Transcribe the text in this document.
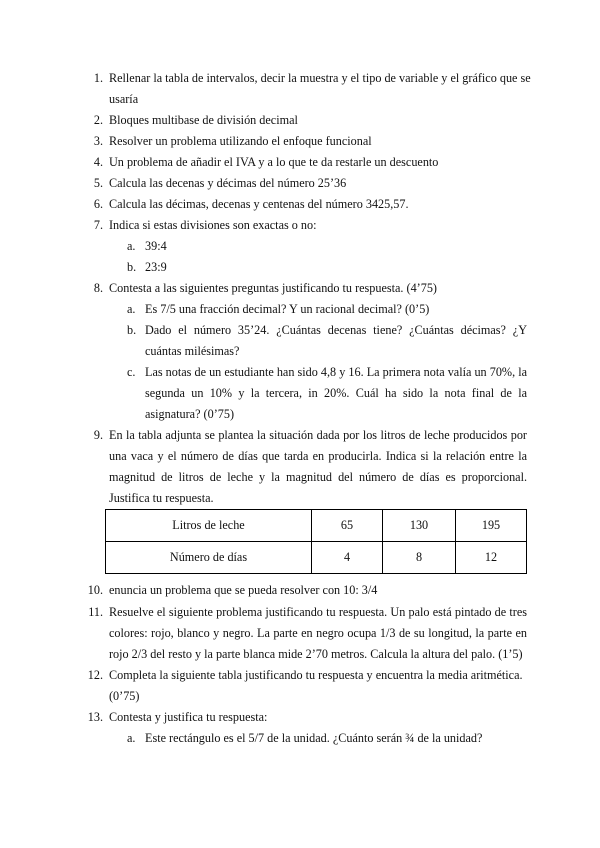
1. Rellenar la tabla de intervalos, decir la muestra y el tipo de variable y el gráfico que se
usaría
2. Bloques multibase de división decimal
3. Resolver un problema utilizando el enfoque funcional
4. Un problema de añadir el IVA y a lo que te da restarle un descuento
5. Calcula las decenas y décimas del número 25’36
6. Calcula las décimas, decenas y centenas del número 3425,57.
7. Indica si estas divisiones son exactas o no:
a. 39:4
b. 23:9
8. Contesta a las siguientes preguntas justificando tu respuesta. (4’75)
a. Es 7/5 una fracción decimal? Y un racional decimal? (0’5)
b. Dado el número 35’24. ¿Cuántas decenas tiene? ¿Cuántas décimas? ¿Y
cuántas milésimas?
c. Las notas de un estudiante han sido 4,8 y 16. La primera nota valía un 70%, la
segunda un 10% y la tercera, in 20%. Cuál ha sido la nota final de la
asignatura? (0’75)
9. En la tabla adjunta se plantea la situación dada por los litros de leche producidos por
una vaca y el número de días que tarda en producirla. Indica si la relación entre la
magnitud de litros de leche y la magnitud del número de días es proporcional.
Justifica tu respuesta.
Litros de leche	65	130	195
Número de días	4	8	12
10. enuncia un problema que se pueda resolver con 10: 3/4
11. Resuelve el siguiente problema justificando tu respuesta. Un palo está pintado de tres
colores: rojo, blanco y negro. La parte en negro ocupa 1/3 de su longitud, la parte en
rojo 2/3 del resto y la parte blanca mide 2’70 metros. Calcula la altura del palo. (1’5)
12. Completa la siguiente tabla justificando tu respuesta y encuentra la media aritmética.
(0’75)
13. Contesta y justifica tu respuesta:
a. Este rectángulo es el 5/7 de la unidad. ¿Cuánto serán ¾ de la unidad?
